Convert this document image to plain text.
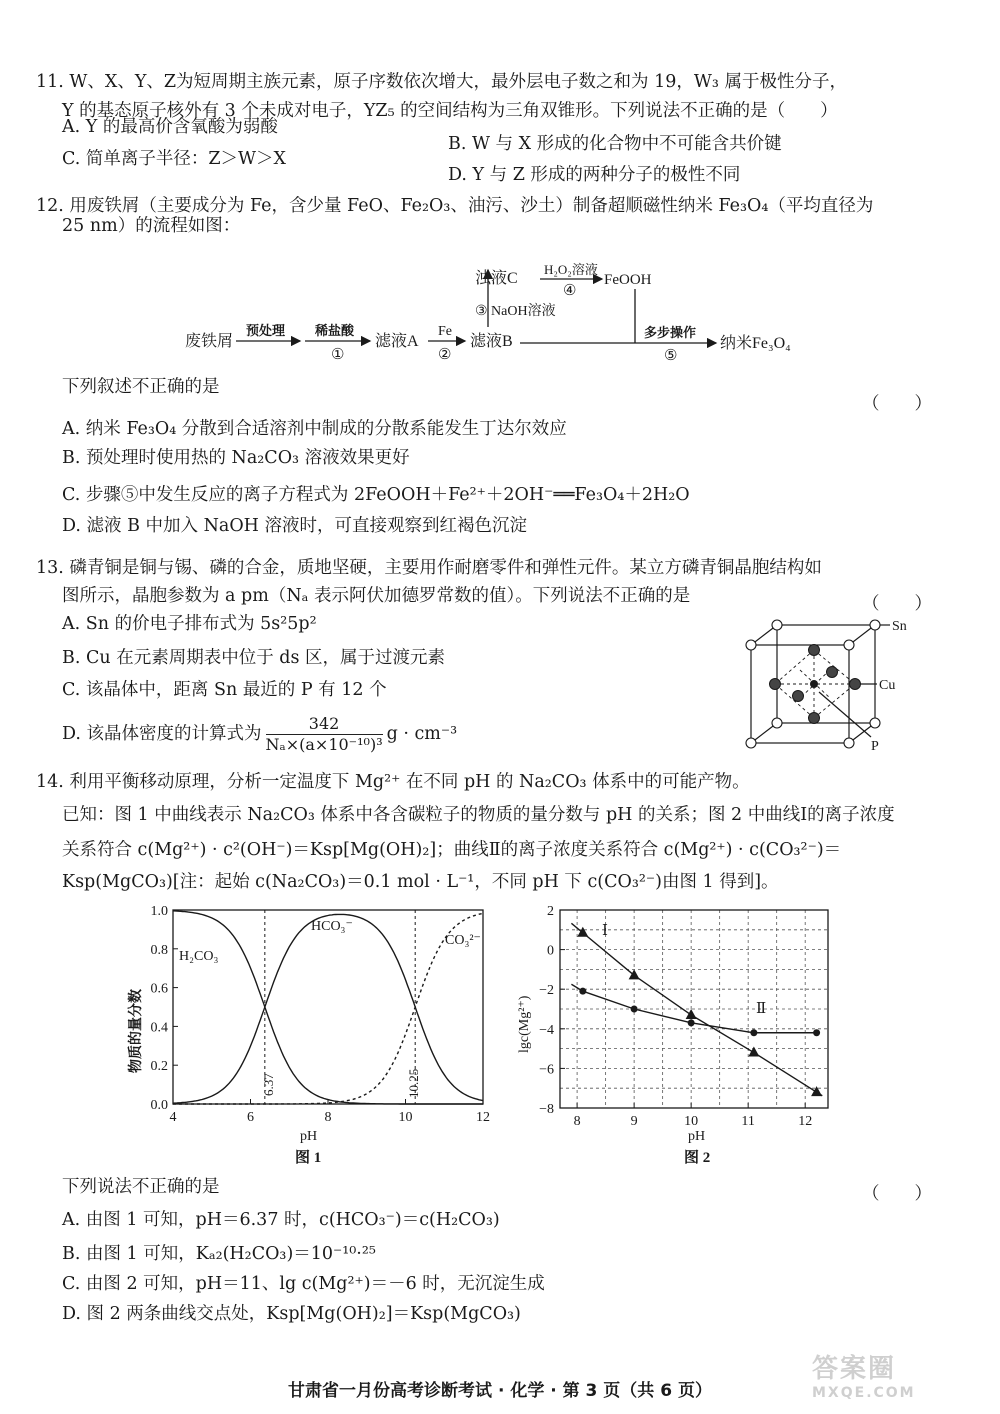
11. W、X、Y、Z为短周期主族元素，原子序数依次增大，最外层电子数之和为 19，W₃ 属于极性分子，
Y 的基态原子核外有 3 个未成对电子，YZ₅ 的空间结构为三角双锥形。下列说法不正确的是（　　）
A. Y 的最高价含氧酸为弱酸
B. W 与 X 形成的化合物中不可能含共价键
C. 简单离子半径：Z＞W＞X
D. Y 与 Z 形成的两种分子的极性不同
12. 用废铁屑（主要成分为 Fe，含少量 FeO、Fe₂O₃、油污、沙土）制备超顺磁性纳米 Fe₃O₄（平均直径为
25 nm）的流程如图：
废铁屑
预处理 稀盐酸
①
滤液A
Fe
②
滤液B
③ NaOH溶液
浊液C
H₂O₂溶液
④
FeOOH
多步操作
⑤
纳米Fe₃O₄
下列叙述不正确的是
（　　）
A. 纳米 Fe₃O₄ 分散到合适溶剂中制成的分散系能发生丁达尔效应
B. 预处理时使用热的 Na₂CO₃ 溶液效果更好
C. 步骤⑤中发生反应的离子方程式为 2FeOOH＋Fe²⁺＋2OH⁻══Fe₃O₄＋2H₂O
D. 滤液 B 中加入 NaOH 溶液时，可直接观察到红褐色沉淀
13. 磷青铜是铜与锡、磷的合金，质地坚硬，主要用作耐磨零件和弹性元件。某立方磷青铜晶胞结构如
图所示，晶胞参数为 a pm（Nₐ 表示阿伏加德罗常数的值）。下列说法不正确的是	（　　）
A. Sn 的价电子排布式为 5s²5p²
B. Cu 在元素周期表中位于 ds 区，属于过渡元素
C. 该晶体中，距离 Sn 最近的 P 有 12 个
D. 该晶体密度的计算式为 $\frac{342}{\text{Nₐ×(a×10⁻¹⁰)³}}$ g · cm⁻³
Sn
Cu
P
14. 利用平衡移动原理，分析一定温度下 Mg²⁺ 在不同 pH 的 Na₂CO₃ 体系中的可能产物。
已知：图 1 中曲线表示 Na₂CO₃ 体系中各含碳粒子的物质的量分数与 pH 的关系；图 2 中曲线Ⅰ的离子浓度
关系符合 c(Mg²⁺) · c²(OH⁻)＝Ksp[Mg(OH)₂]；曲线Ⅱ的离子浓度关系符合 c(Mg²⁺) · c(CO₃²⁻)＝
Ksp(MgCO₃)[注：起始 c(Na₂CO₃)＝0.1 mol · L⁻¹，不同 pH 下 c(CO₃²⁻)由图 1 得到]。
4	6	8	10	12
0.0
0.2
0.4
0.6
0.8
1.0
H₂CO₃
HCO₃⁻
CO₃²⁻
6.37	10.25
物质的量分数
pH
图 1
8	9	10	11	12
2
0
−2
−4
−6
−8
Ⅰ
Ⅱ
lgc(Mg²⁺)
pH
图 2
下列说法不正确的是	（　　）
A. 由图 1 可知，pH＝6.37 时，c(HCO₃⁻)＝c(H₂CO₃)
B. 由图 1 可知，Kₐ₂(H₂CO₃)＝10⁻¹⁰·²⁵
C. 由图 2 可知，pH＝11、lg c(Mg²⁺)＝－6 时，无沉淀生成
D. 图 2 两条曲线交点处，Ksp[Mg(OH)₂]＝Ksp(MgCO₃)
甘肃省一月份高考诊断考试 · 化学 · 第 3 页（共 6 页）
答案圈
MXQE.COM
